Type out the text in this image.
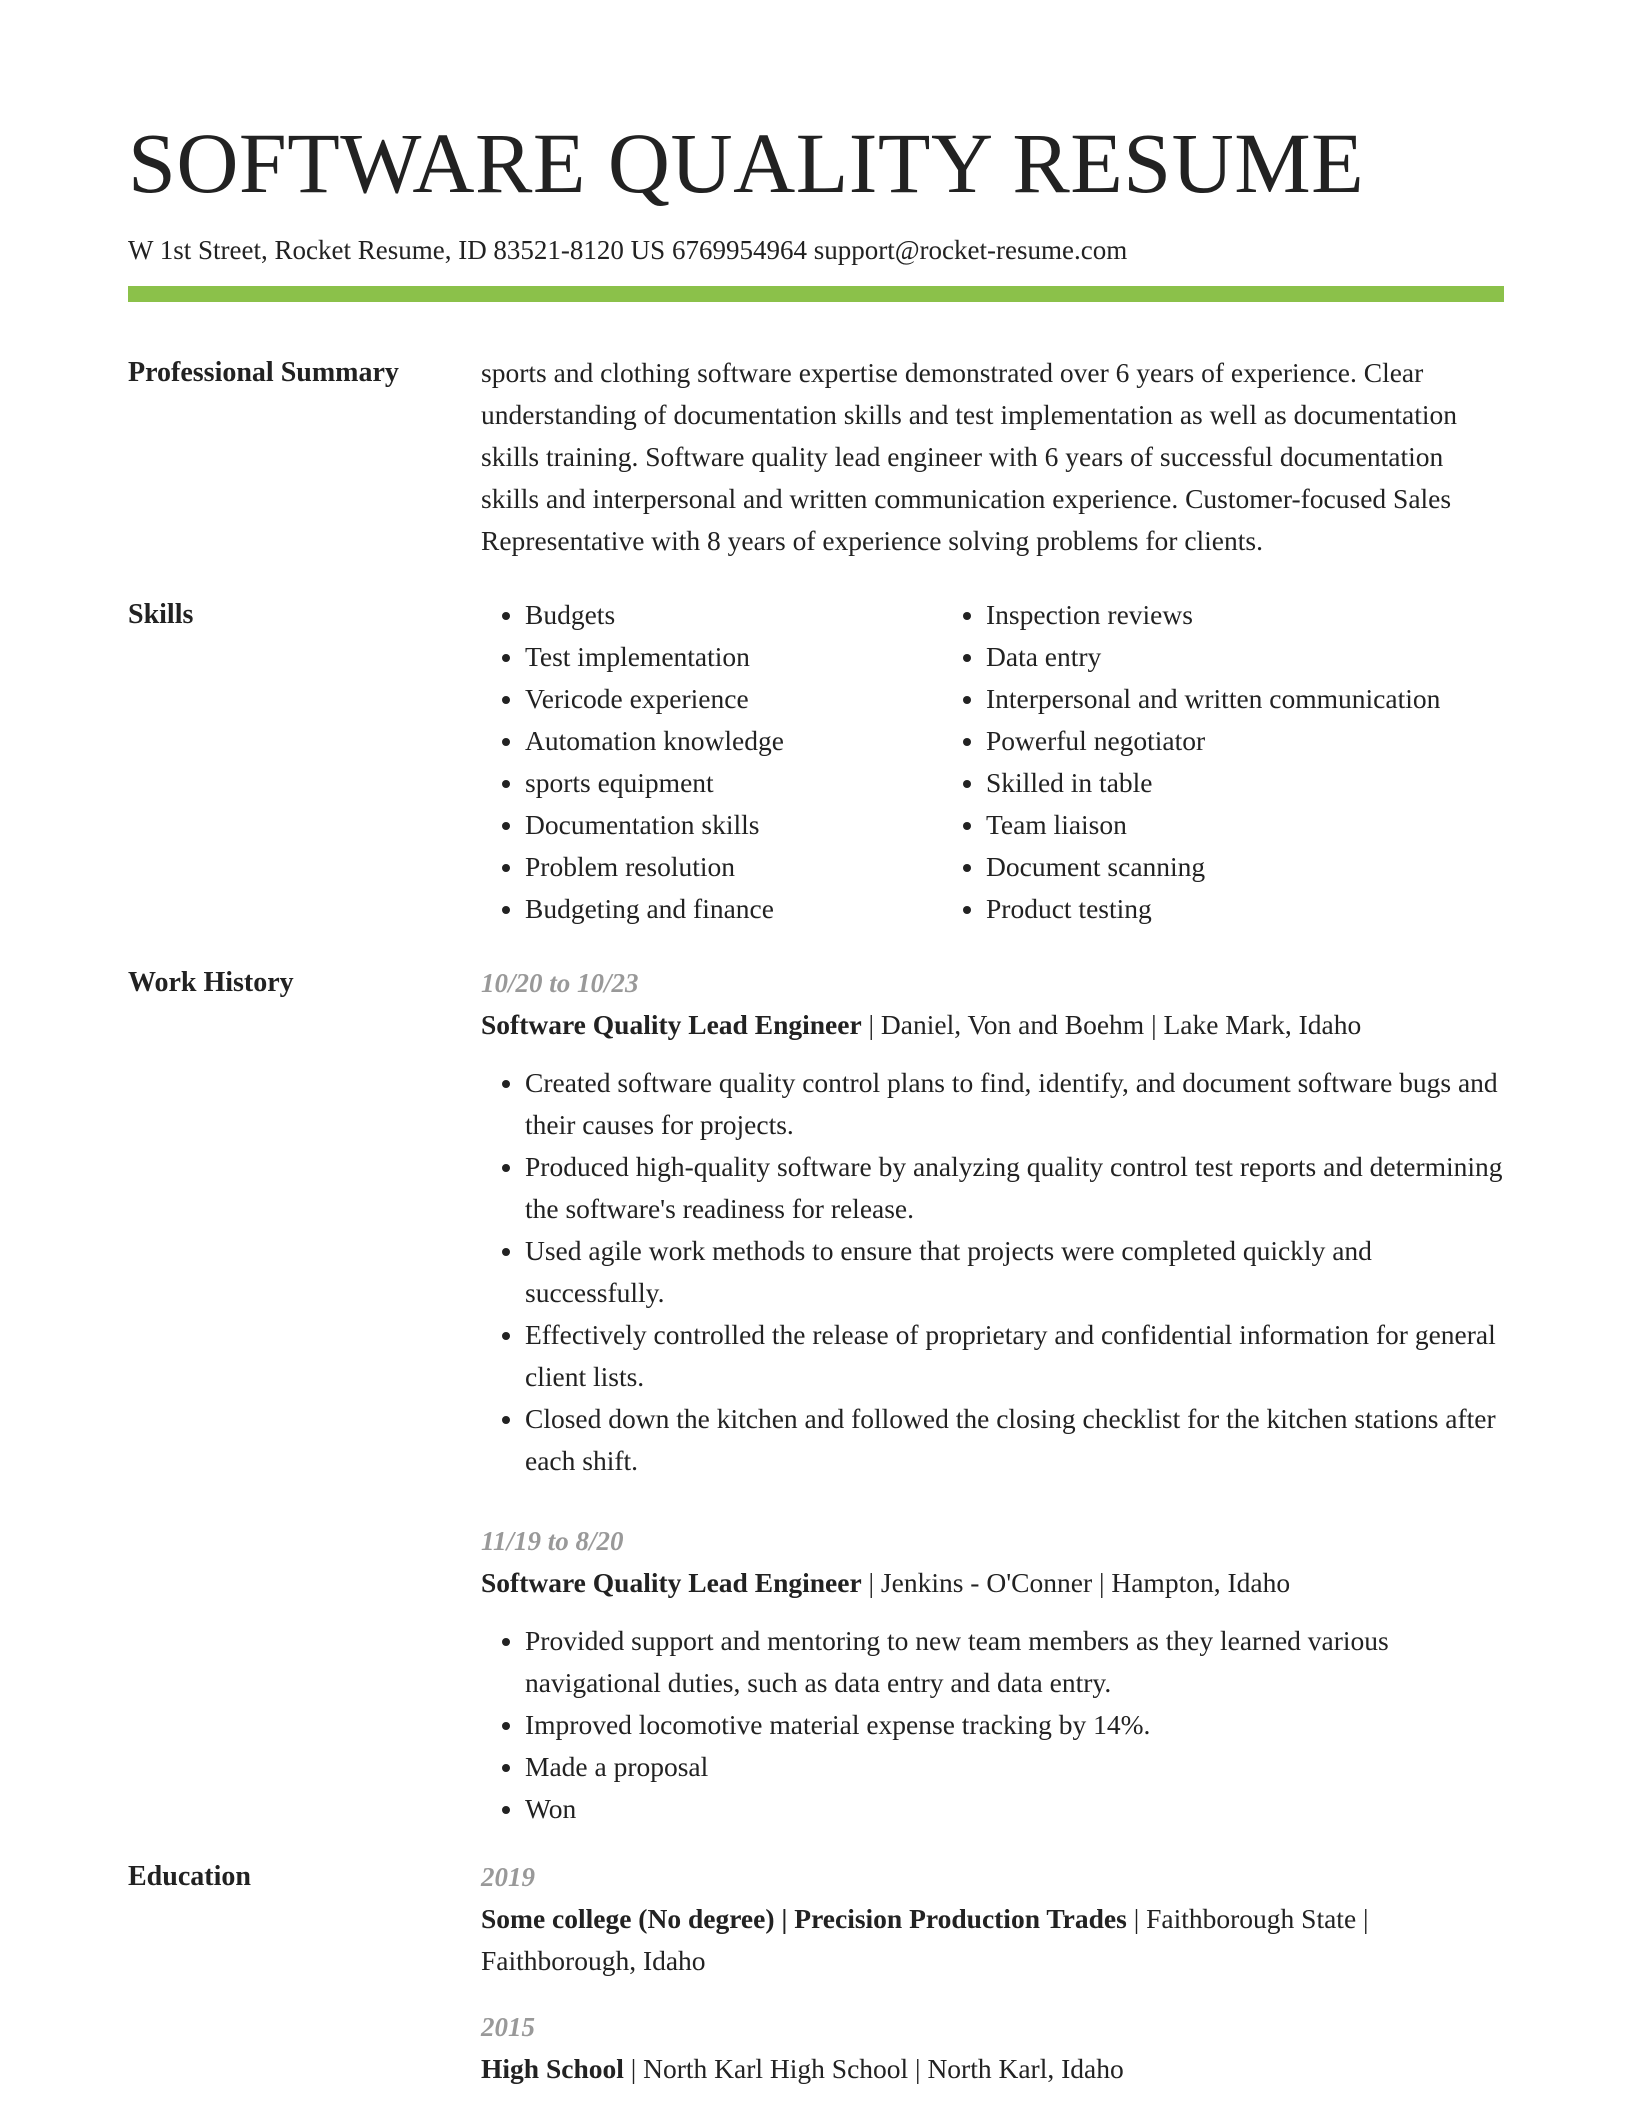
SOFTWARE QUALITY RESUME
W 1st Street, Rocket Resume, ID 83521-8120 US 6769954964 support@rocket-resume.com
Professional Summary	sports and clothing software expertise demonstrated over 6 years of experience. Clear understanding of documentation skills and test implementation as well as documentation skills training. Software quality lead engineer with 6 years of successful documentation skills and interpersonal and written communication experience. Customer-focused Sales Representative with 8 years of experience solving problems for clients.
Skills
•	Budgets
• Test implementation
• Vericode experience
• Automation knowledge
• sports equipment
• Documentation skills
• Problem resolution
• Budgeting and finance
• Inspection reviews
• Data entry
• Interpersonal and written communication
• Powerful negotiator
• Skilled in table
• Team liaison
• Document scanning
• Product testing
Work History	10/20 to 10/23
Software Quality Lead Engineer | Daniel, Von and Boehm | Lake Mark, Idaho
• Created software quality control plans to find, identify, and document software bugs and their causes for projects.
• Produced high-quality software by analyzing quality control test reports and determining the software's readiness for release.
• Used agile work methods to ensure that projects were completed quickly and successfully.
• Effectively controlled the release of proprietary and confidential information for general client lists.
• Closed down the kitchen and followed the closing checklist for the kitchen stations after each shift.
11/19 to 8/20
Software Quality Lead Engineer | Jenkins - O'Conner | Hampton, Idaho
• Provided support and mentoring to new team members as they learned various navigational duties, such as data entry and data entry.
• Improved locomotive material expense tracking by 14%.
• Made a proposal
• Won
Education	2019
Some college (No degree) | Precision Production Trades | Faithborough State | Faithborough, Idaho
2015
High School | North Karl High School | North Karl, Idaho
